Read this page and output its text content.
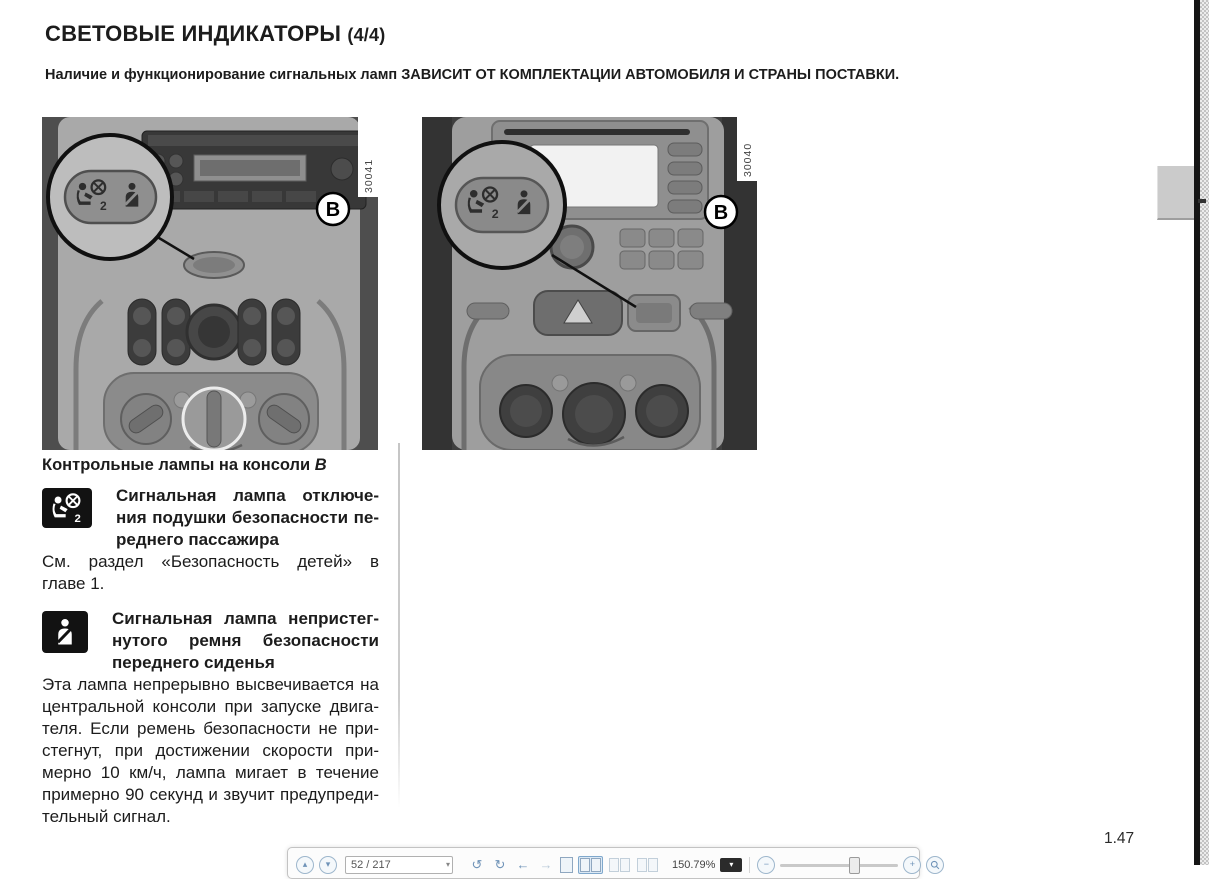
СВЕТОВЫЕ ИНДИКАТОРЫ (4/4)

Наличие и функционирование сигнальных ламп ЗАВИСИТ ОТ КОМПЛЕКТАЦИИ АВТОМОБИЛЯ И СТРАНЫ ПОСТАВКИ.

B
30041
B
30040

Контрольные лампы на консоли B

Сигнальная лампа отключе-
ния подушки безопасности пе-
реднего пассажира
См. раздел «Безопасность детей» в
главе 1.
Сигнальная лампа непристег-
нутого ремня безопасности
переднего сиденья
Эта лампа непрерывно высвечивается на
центральной консоли при запуске двига-
теля. Если ремень безопасности не при-
стегнут, при достижении скорости при-
мерно 10 км/ч, лампа мигает в течение
примерно 90 секунд и звучит предупреди-
тельный сигнал.
1.47
▴ ▾
52 / 217	▾ ↺ ↻ ← →	150.79% ▾	−	+
